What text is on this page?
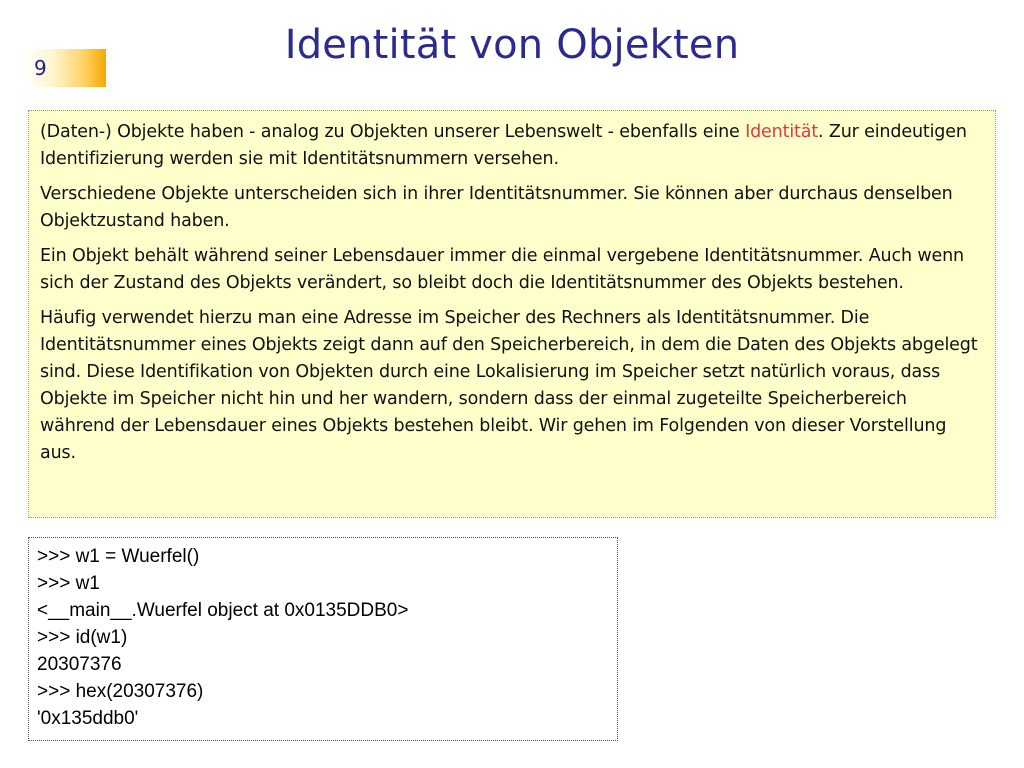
9	Identität von Objekten

(Daten-) Objekte haben - analog zu Objekten unserer Lebenswelt - ebenfalls eine Identität. Zur eindeutigen Identifizierung werden sie mit Identitätsnummern versehen.

Verschiedene Objekte unterscheiden sich in ihrer Identitätsnummer. Sie können aber durchaus denselben Objektzustand haben.

Ein Objekt behält während seiner Lebensdauer immer die einmal vergebene Identitätsnummer. Auch wenn sich der Zustand des Objekts verändert, so bleibt doch die Identitätsnummer des Objekts bestehen.

Häufig verwendet hierzu man eine Adresse im Speicher des Rechners als Identitätsnummer. Die Identitätsnummer eines Objekts zeigt dann auf den Speicherbereich, in dem die Daten des Objekts abgelegt sind. Diese Identifikation von Objekten durch eine Lokalisierung im Speicher setzt natürlich voraus, dass Objekte im Speicher nicht hin und her wandern, sondern dass der einmal zugeteilte Speicherbereich während der Lebensdauer eines Objekts bestehen bleibt. Wir gehen im Folgenden von dieser Vorstellung aus.

>>> w1 = Wuerfel()
>>> w1
<__main__.Wuerfel object at 0x0135DDB0>
>>> id(w1)
20307376
>>> hex(20307376)
'0x135ddb0'
